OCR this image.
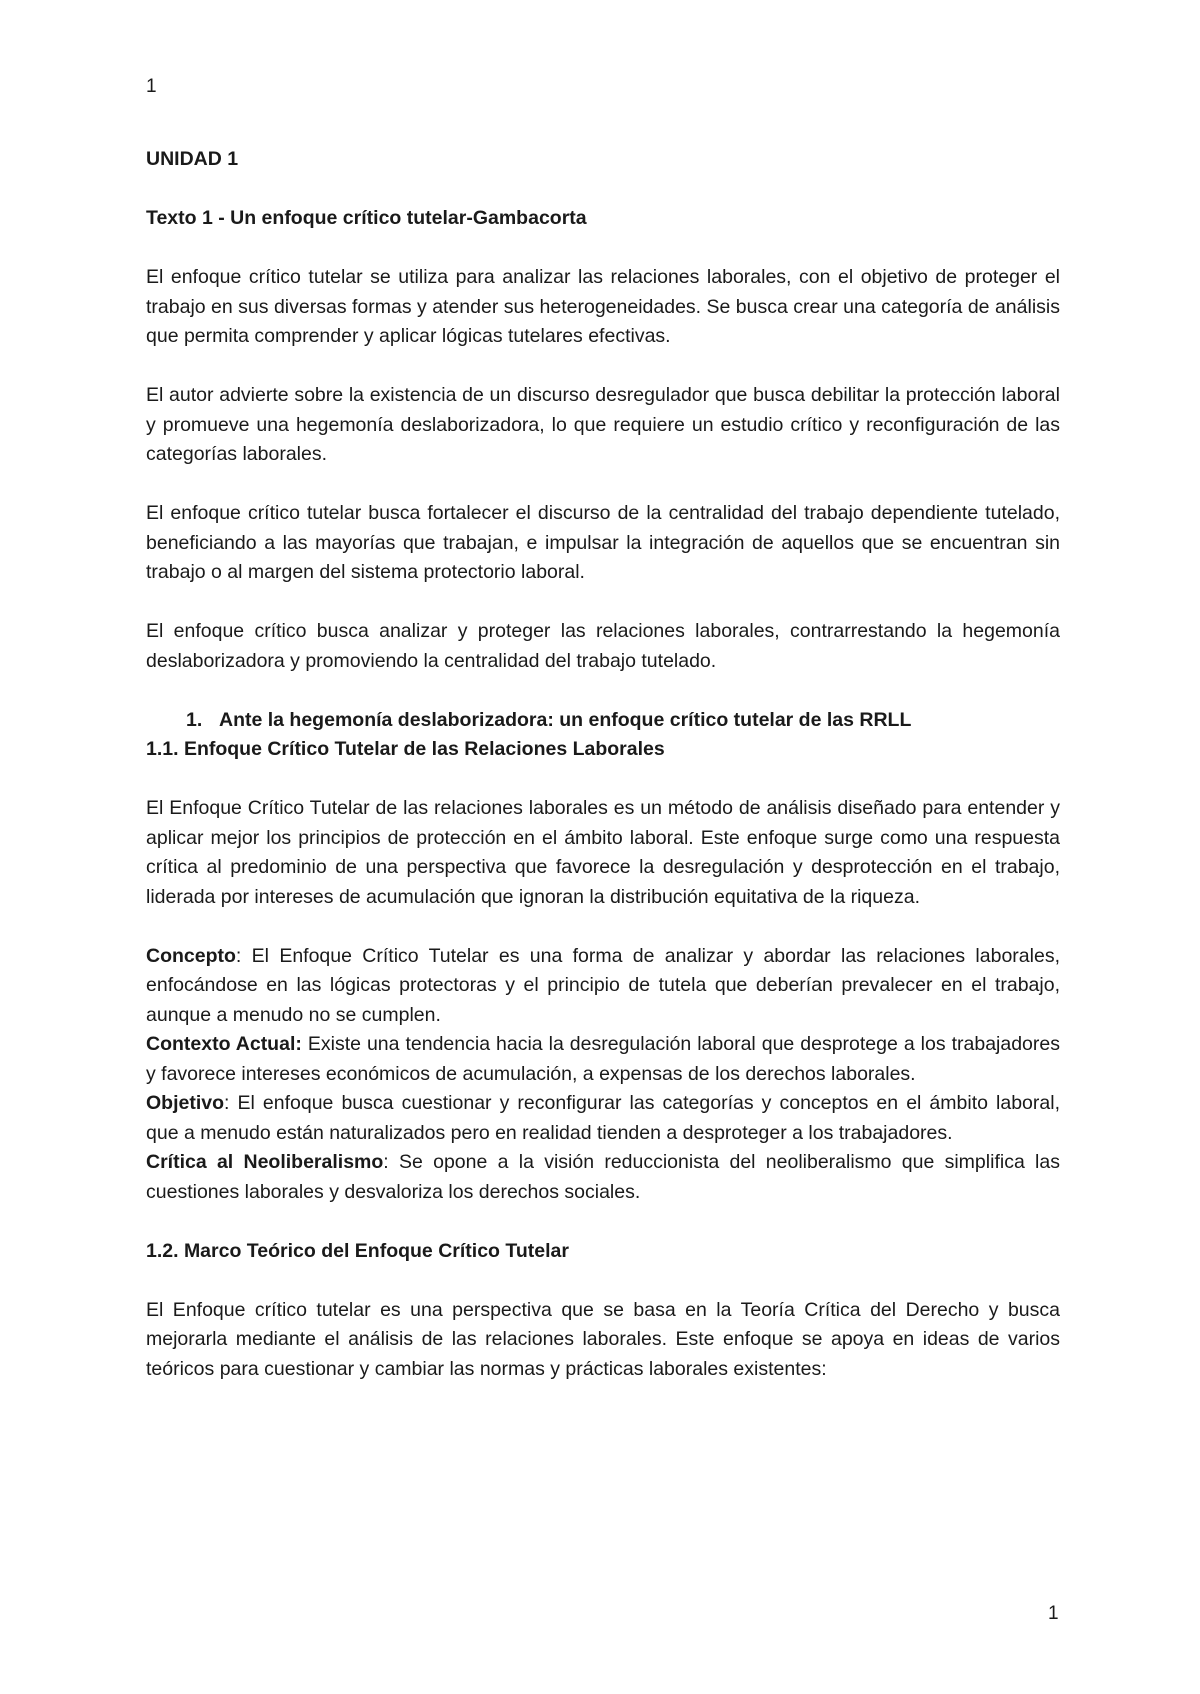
1

UNIDAD 1

Texto 1 - Un enfoque crítico tutelar-Gambacorta

El enfoque crítico tutelar se utiliza para analizar las relaciones laborales, con el objetivo de proteger el trabajo en sus diversas formas y atender sus heterogeneidades. Se busca crear una categoría de análisis que permita comprender y aplicar lógicas tutelares efectivas.

El autor advierte sobre la existencia de un discurso desregulador que busca debilitar la protección laboral y promueve una hegemonía deslaborizadora, lo que requiere un estudio crítico y reconfiguración de las categorías laborales.

El enfoque crítico tutelar busca fortalecer el discurso de la centralidad del trabajo dependiente tutelado, beneficiando a las mayorías que trabajan, e impulsar la integración de aquellos que se encuentran sin trabajo o al margen del sistema protectorio laboral.

El enfoque crítico busca analizar y proteger las relaciones laborales, contrarrestando la hegemonía deslaborizadora y promoviendo la centralidad del trabajo tutelado.

1. Ante la hegemonía deslaborizadora: un enfoque crítico tutelar de las RRLL

1.1. Enfoque Crítico Tutelar de las Relaciones Laborales

El Enfoque Crítico Tutelar de las relaciones laborales es un método de análisis diseñado para entender y aplicar mejor los principios de protección en el ámbito laboral. Este enfoque surge como una respuesta crítica al predominio de una perspectiva que favorece la desregulación y desprotección en el trabajo, liderada por intereses de acumulación que ignoran la distribución equitativa de la riqueza.

Concepto: El Enfoque Crítico Tutelar es una forma de analizar y abordar las relaciones laborales, enfocándose en las lógicas protectoras y el principio de tutela que deberían prevalecer en el trabajo, aunque a menudo no se cumplen.

Contexto Actual: Existe una tendencia hacia la desregulación laboral que desprotege a los trabajadores y favorece intereses económicos de acumulación, a expensas de los derechos laborales.

Objetivo: El enfoque busca cuestionar y reconfigurar las categorías y conceptos en el ámbito laboral, que a menudo están naturalizados pero en realidad tienden a desproteger a los trabajadores.

Crítica al Neoliberalismo: Se opone a la visión reduccionista del neoliberalismo que simplifica las cuestiones laborales y desvaloriza los derechos sociales.

1.2. Marco Teórico del Enfoque Crítico Tutelar

El Enfoque crítico tutelar es una perspectiva que se basa en la Teoría Crítica del Derecho y busca mejorarla mediante el análisis de las relaciones laborales. Este enfoque se apoya en ideas de varios teóricos para cuestionar y cambiar las normas y prácticas laborales existentes:

1
